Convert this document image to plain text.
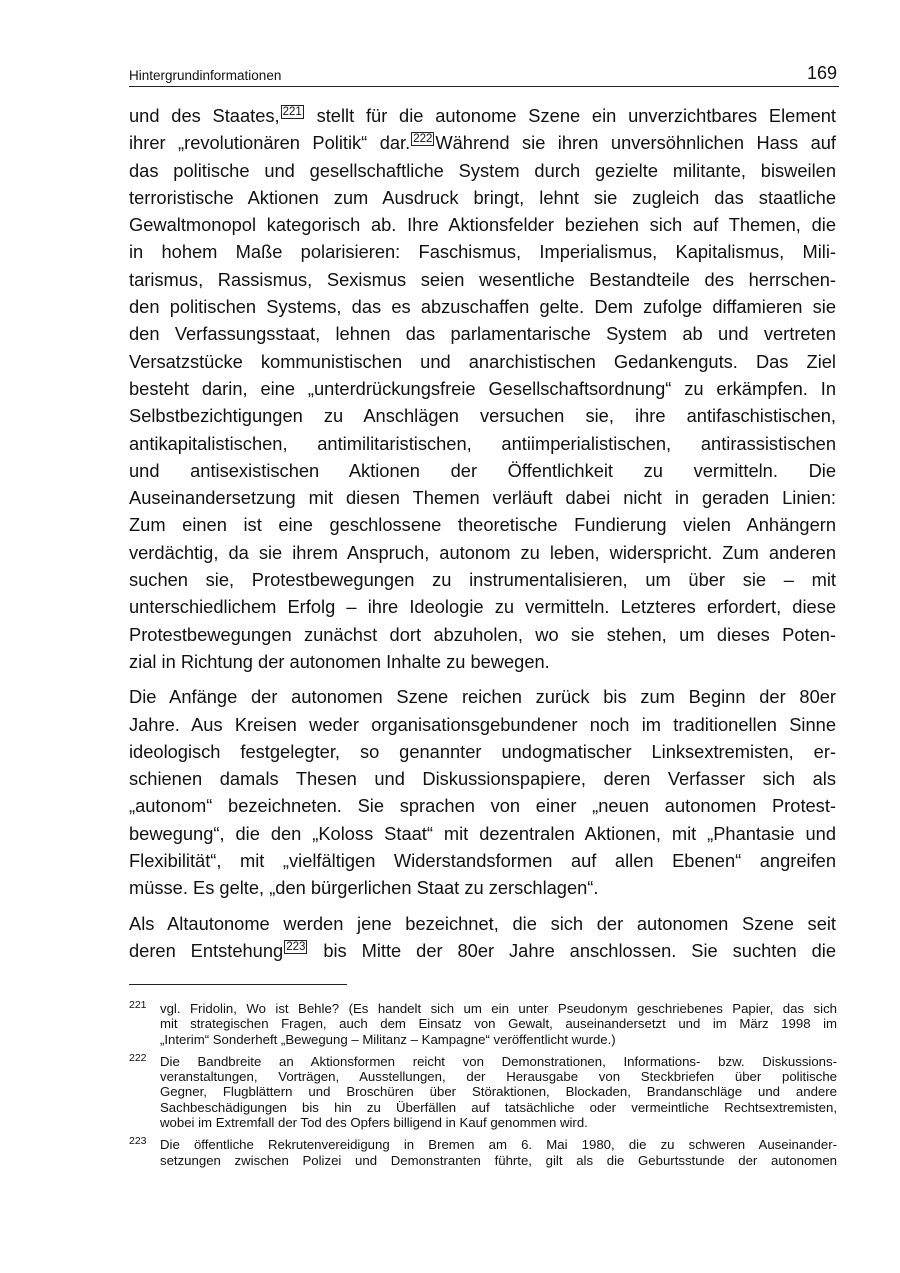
Hintergrundinformationen	169

und des Staates, 221 stellt für die autonome Szene ein unverzichtbares Element
ihrer „revolutionären Politik“ dar. 222 Während sie ihren unversöhnlichen Hass auf
das politische und gesellschaftliche System durch gezielte militante, bisweilen
terroristische Aktionen zum Ausdruck bringt, lehnt sie zugleich das staatliche
Gewaltmonopol kategorisch ab. Ihre Aktionsfelder beziehen sich auf Themen, die
in hohem Maße polarisieren: Faschismus, Imperialismus, Kapitalismus, Mili-
tarismus, Rassismus, Sexismus seien wesentliche Bestandteile des herrschen-
den politischen Systems, das es abzuschaffen gelte. Dem zufolge diffamieren sie
den Verfassungsstaat, lehnen das parlamentarische System ab und vertreten
Versatzstücke kommunistischen und anarchistischen Gedankenguts. Das Ziel
besteht darin, eine „unterdrückungsfreie Gesellschaftsordnung“ zu erkämpfen. In
Selbstbezichtigungen zu Anschlägen versuchen sie, ihre antifaschistischen,
antikapitalistischen, antimilitaristischen, antiimperialistischen, antirassistischen
und antisexistischen Aktionen der Öffentlichkeit zu vermitteln. Die
Auseinandersetzung mit diesen Themen verläuft dabei nicht in geraden Linien:
Zum einen ist eine geschlossene theoretische Fundierung vielen Anhängern
verdächtig, da sie ihrem Anspruch, autonom zu leben, widerspricht. Zum anderen
suchen sie, Protestbewegungen zu instrumentalisieren, um über sie – mit
unterschiedlichem Erfolg – ihre Ideologie zu vermitteln. Letzteres erfordert, diese
Protestbewegungen zunächst dort abzuholen, wo sie stehen, um dieses Poten-
zial in Richtung der autonomen Inhalte zu bewegen.

Die Anfänge der autonomen Szene reichen zurück bis zum Beginn der 80er
Jahre. Aus Kreisen weder organisationsgebundener noch im traditionellen Sinne
ideologisch festgelegter, so genannter undogmatischer Linksextremisten, er-
schienen damals Thesen und Diskussionspapiere, deren Verfasser sich als
„autonom“ bezeichneten. Sie sprachen von einer „neuen autonomen Protest-
bewegung“, die den „Koloss Staat“ mit dezentralen Aktionen, mit „Phantasie und
Flexibilität“, mit „vielfältigen Widerstandsformen auf allen Ebenen“ angreifen
müsse. Es gelte, „den bürgerlichen Staat zu zerschlagen“.

Als Altautonome werden jene bezeichnet, die sich der autonomen Szene seit
deren Entstehung 223 bis Mitte der 80er Jahre anschlossen. Sie suchten die

221 vgl. Fridolin, Wo ist Behle? (Es handelt sich um ein unter Pseudonym geschriebenes Papier, das sich
mit strategischen Fragen, auch dem Einsatz von Gewalt, auseinandersetzt und im März 1998 im
„Interim“ Sonderheft „Bewegung – Militanz – Kampagne“ veröffentlicht wurde.)
222 Die Bandbreite an Aktionsformen reicht von Demonstrationen, Informations- bzw. Diskussions-
veranstaltungen, Vorträgen, Ausstellungen, der Herausgabe von Steckbriefen über politische
Gegner, Flugblättern und Broschüren über Störaktionen, Blockaden, Brandanschläge und andere
Sachbeschädigungen bis hin zu Überfällen auf tatsächliche oder vermeintliche Rechtsextremisten,
wobei im Extremfall der Tod des Opfers billigend in Kauf genommen wird.
223 Die öffentliche Rekrutenvereidigung in Bremen am 6. Mai 1980, die zu schweren Auseinander-
setzungen zwischen Polizei und Demonstranten führte, gilt als die Geburtsstunde der autonomen
